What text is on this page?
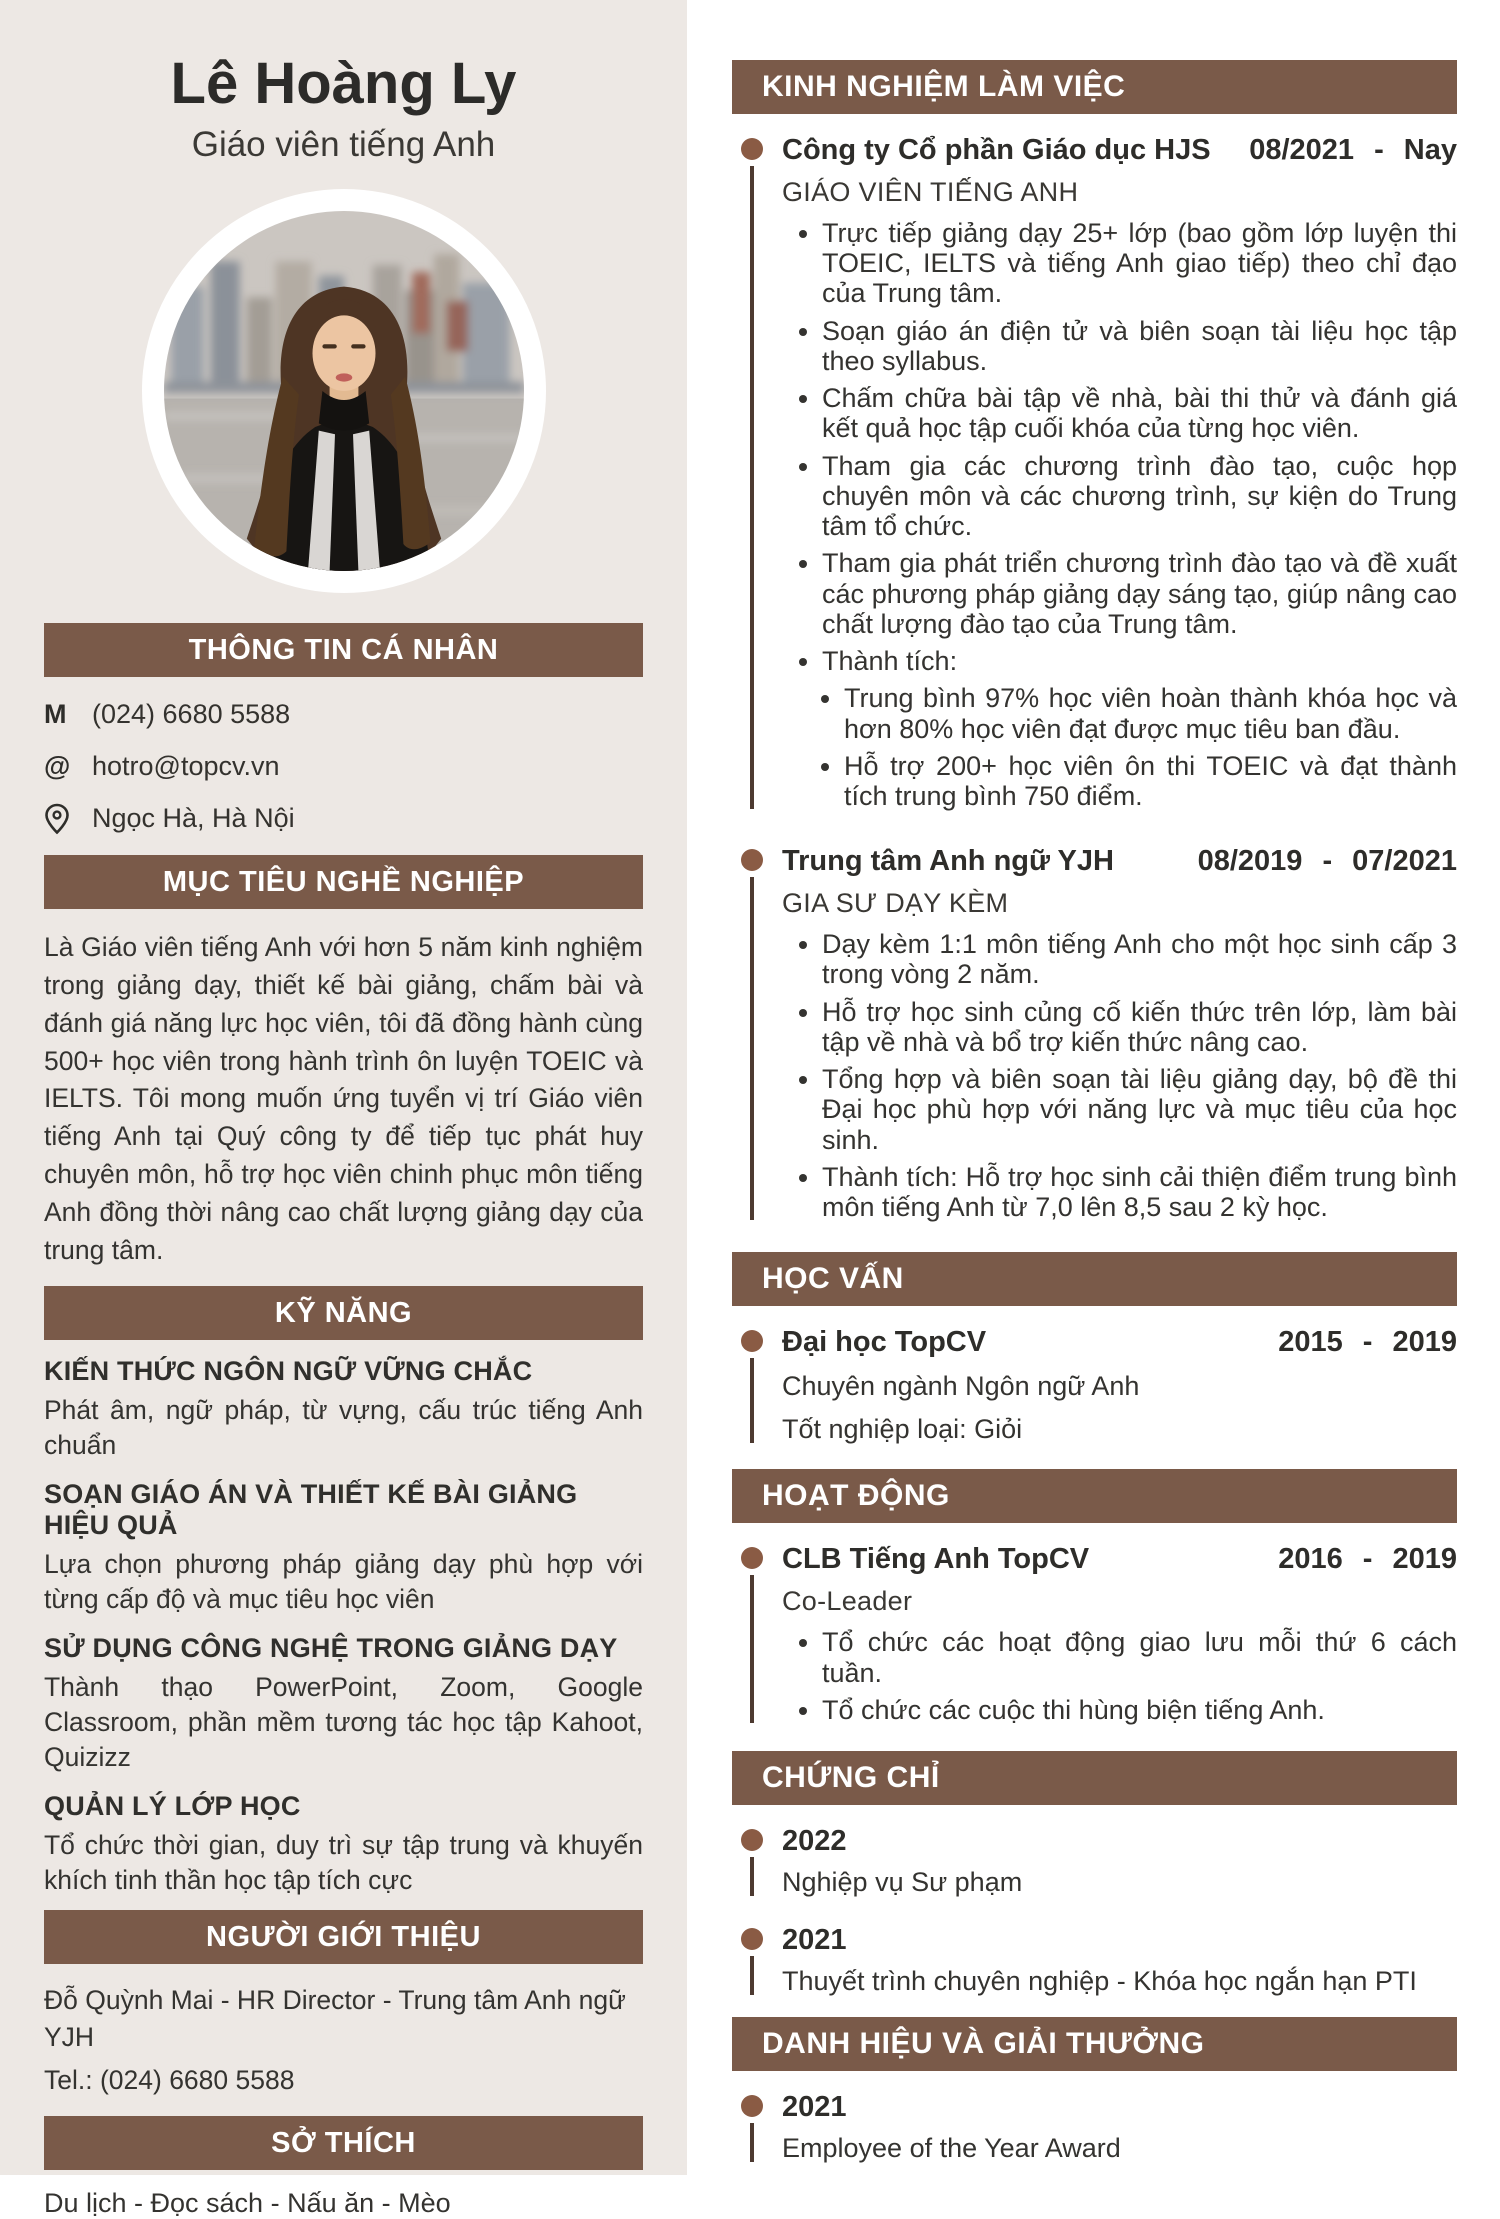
Lê Hoàng Ly
Giáo viên tiếng Anh
THÔNG TIN CÁ NHÂN
M (024) 6680 5588
@ hotro@topcv.vn
Ngọc Hà, Hà Nội
MỤC TIÊU NGHỀ NGHIỆP

Là Giáo viên tiếng Anh với hơn 5 năm kinh nghiệm trong giảng dạy, thiết kế bài giảng, chấm bài và đánh giá năng lực học viên, tôi đã đồng hành cùng 500+ học viên trong hành trình ôn luyện TOEIC và IELTS. Tôi mong muốn ứng tuyển vị trí Giáo viên tiếng Anh tại Quý công ty để tiếp tục phát huy chuyên môn, hỗ trợ học viên chinh phục môn tiếng Anh đồng thời nâng cao chất lượng giảng dạy của trung tâm.

KỸ NĂNG
KIẾN THỨC NGÔN NGỮ VỮNG CHẮC
Phát âm, ngữ pháp, từ vựng, cấu trúc tiếng Anh chuẩn
SOẠN GIÁO ÁN VÀ THIẾT KẾ BÀI GIẢNG HIỆU QUẢ
Lựa chọn phương pháp giảng dạy phù hợp với từng cấp độ và mục tiêu học viên
SỬ DỤNG CÔNG NGHỆ TRONG GIẢNG DẠY
Thành thạo PowerPoint, Zoom, Google Classroom, phần mềm tương tác học tập Kahoot, Quizizz
QUẢN LÝ LỚP HỌC
Tổ chức thời gian, duy trì sự tập trung và khuyến khích tinh thần học tập tích cực
NGƯỜI GIỚI THIỆU

Đỗ Quỳnh Mai - HR Director - Trung tâm Anh ngữ YJH

Tel.: (024) 6680 5588

SỞ THÍCH

Du lịch - Đọc sách - Nấu ăn - Mèo

KINH NGHIỆM LÀM VIỆC
Công ty Cổ phần Giáo dục HJS	08/2021 - Nay
GIÁO VIÊN TIẾNG ANH
• Trực tiếp giảng dạy 25+ lớp (bao gồm lớp luyện thi TOEIC, IELTS và tiếng Anh giao tiếp) theo chỉ đạo của Trung tâm.
• Soạn giáo án điện tử và biên soạn tài liệu học tập theo syllabus.
• Chấm chữa bài tập về nhà, bài thi thử và đánh giá kết quả học tập cuối khóa của từng học viên.
• Tham gia các chương trình đào tạo, cuộc họp chuyên môn và các chương trình, sự kiện do Trung tâm tổ chức.
• Tham gia phát triển chương trình đào tạo và đề xuất các phương pháp giảng dạy sáng tạo, giúp nâng cao chất lượng đào tạo của Trung tâm.
• Thành tích:
• Trung bình 97% học viên hoàn thành khóa học và hơn 80% học viên đạt được mục tiêu ban đầu.
• Hỗ trợ 200+ học viên ôn thi TOEIC và đạt thành tích trung bình 750 điểm.
Trung tâm Anh ngữ YJH	08/2019 - 07/2021
GIA SƯ DẠY KÈM
• Dạy kèm 1:1 môn tiếng Anh cho một học sinh cấp 3 trong vòng 2 năm.
• Hỗ trợ học sinh củng cố kiến thức trên lớp, làm bài tập về nhà và bổ trợ kiến thức nâng cao.
• Tổng hợp và biên soạn tài liệu giảng dạy, bộ đề thi Đại học phù hợp với năng lực và mục tiêu của học sinh.
• Thành tích: Hỗ trợ học sinh cải thiện điểm trung bình môn tiếng Anh từ 7,0 lên 8,5 sau 2 kỳ học.
HỌC VẤN
Đại học TopCV	2015 - 2019
Chuyên ngành Ngôn ngữ Anh
Tốt nghiệp loại: Giỏi
HOẠT ĐỘNG
CLB Tiếng Anh TopCV	2016 - 2019
Co-Leader
• Tổ chức các hoạt động giao lưu mỗi thứ 6 cách tuần.
• Tổ chức các cuộc thi hùng biện tiếng Anh.
CHỨNG CHỈ
2022
Nghiệp vụ Sư phạm
2021
Thuyết trình chuyên nghiệp - Khóa học ngắn hạn PTI
DANH HIỆU VÀ GIẢI THƯỞNG
2021
Employee of the Year Award
